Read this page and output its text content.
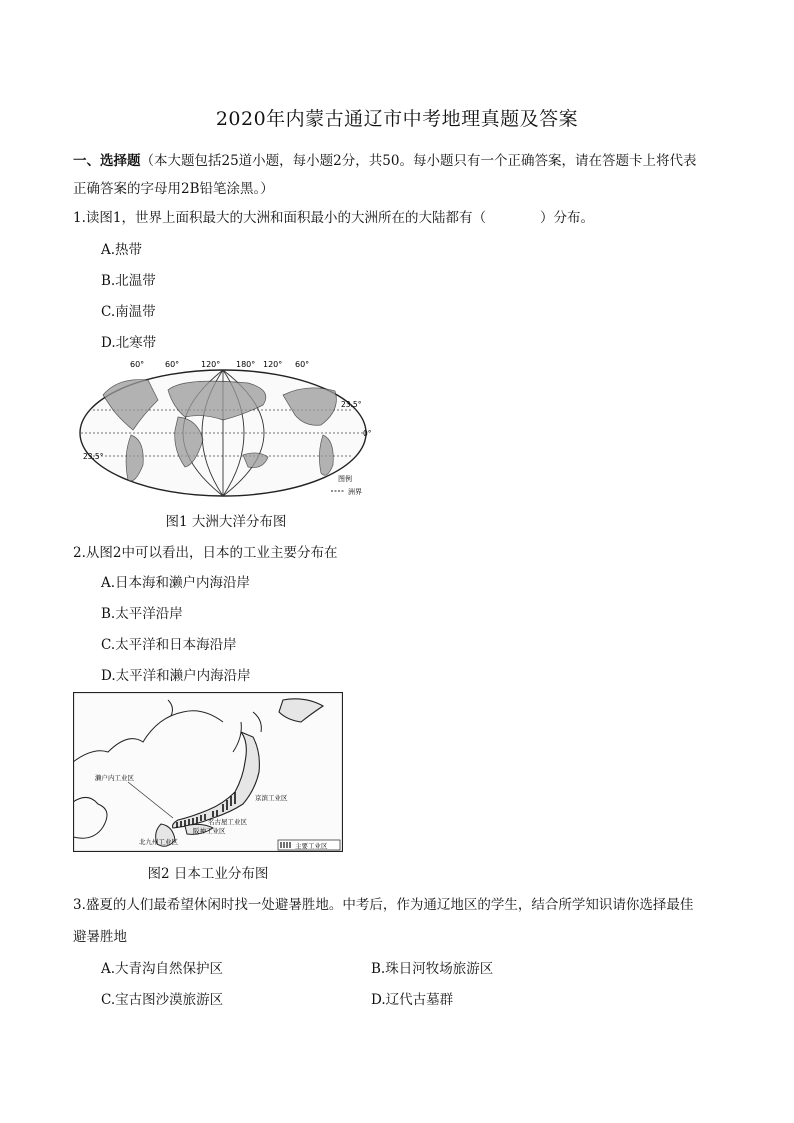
2020年内蒙古通辽市中考地理真题及答案
一、选择题（本大题包括25道小题，每小题2分，共50。每小题只有一个正确答案，请在答题卡上将代表
正确答案的字母用2B铅笔涂黑。）
1.读图1，世界上面积最大的大洲和面积最小的大洲所在的大陆都有（　　　　）分布。
A.热带
B.北温带
C.南温带
D.北寒带
60°	60°	120° 180° 120° 60°
23.5°
0°
23.5°
图例
洲界
图1 大洲大洋分布图
2.从图2中可以看出，日本的工业主要分布在
A.日本海和濑户内海沿岸
B.太平洋沿岸
C.太平洋和日本海沿岸
D.太平洋和濑户内海沿岸
濑户内工业区
京滨工业区
名古屋工业区
阪神工业区
北九州工业区	主要工业区
图2 日本工业分布图
3.盛夏的人们最希望休闲时找一处避暑胜地。中考后，作为通辽地区的学生，结合所学知识请你选择最佳
避暑胜地
A.大青沟自然保护区	B.珠日河牧场旅游区
C.宝古图沙漠旅游区	D.辽代古墓群
